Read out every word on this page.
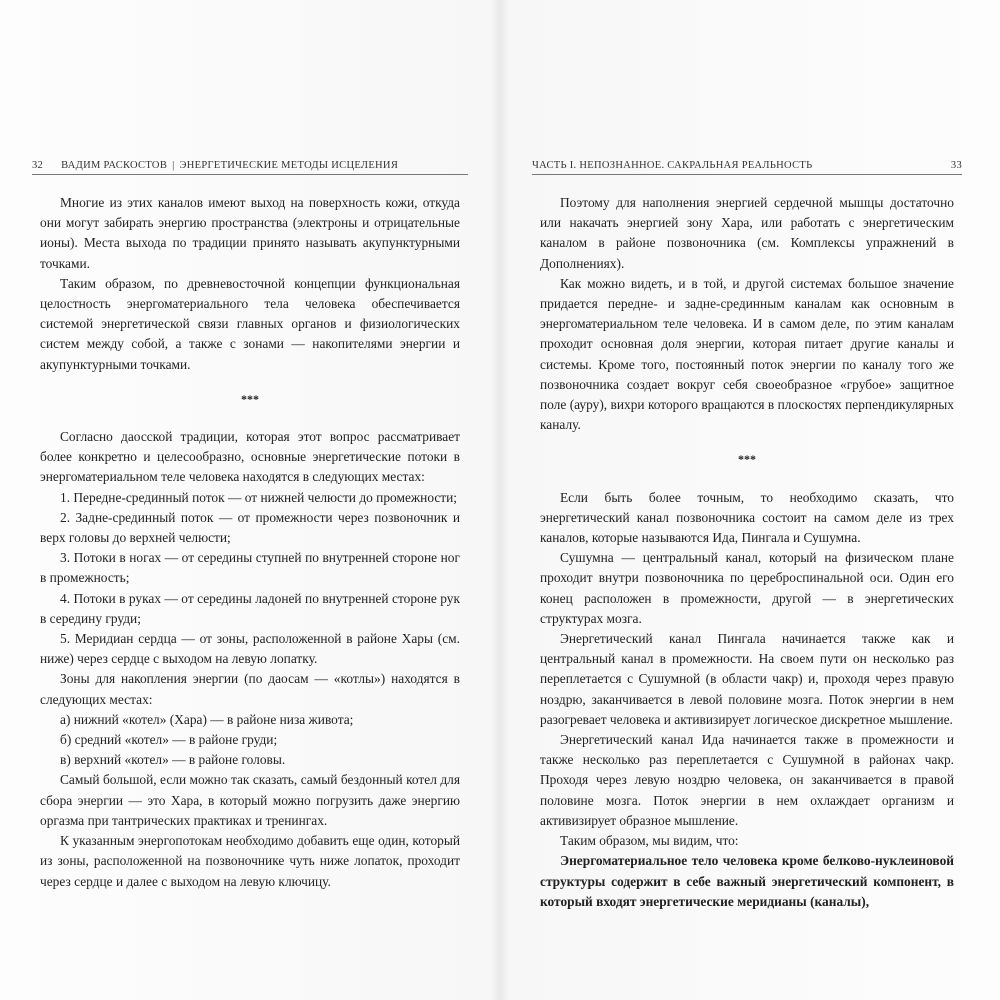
32 ВАДИМ РАСКОСТОВ | ЭНЕРГЕТИЧЕСКИЕ МЕТОДЫ ИСЦЕЛЕНИЯ

Многие из этих каналов имеют выход на поверхность кожи, откуда они могут забирать энергию пространства (электроны и отрицательные ионы). Места выхода по традиции принято называть акупунктурными точками.

Таким образом, по древневосточной концепции функциональная целостность энергоматериального тела человека обеспечивается системой энергетической связи главных органов и физиологических систем между собой, а также с зонами — накопителями энергии и акупунктурными точками.

***

Согласно даосской традиции, которая этот вопрос рассматривает более конкретно и целесообразно, основные энергетические потоки в энергоматериальном теле человека находятся в следующих местах:

1. Передне-срединный поток — от нижней челюсти до промежности;

2. Задне-срединный поток — от промежности через позвоночник и верх головы до верхней челюсти;

3. Потоки в ногах — от середины ступней по внутренней стороне ног в промежность;

4. Потоки в руках — от середины ладоней по внутренней стороне рук в середину груди;

5. Меридиан сердца — от зоны, расположенной в районе Хары (см. ниже) через сердце с выходом на левую лопатку.

Зоны для накопления энергии (по даосам — «котлы») находятся в следующих местах:

а) нижний «котел» (Хара) — в районе низа живота;

б) средний «котел» — в районе груди;

в) верхний «котел» — в районе головы.

Самый большой, если можно так сказать, самый бездонный котел для сбора энергии — это Хара, в который можно погрузить даже энергию оргазма при тантрических практиках и тренингах.

К указанным энергопотокам необходимо добавить еще один, который из зоны, расположенной на позвоночнике чуть ниже лопаток, проходит через сердце и далее с выходом на левую ключицу.

ЧАСТЬ I. НЕПОЗНАННОЕ. САКРАЛЬНАЯ РЕАЛЬНОСТЬ	33

Поэтому для наполнения энергией сердечной мышцы достаточно или накачать энергией зону Хара, или работать с энергетическим каналом в районе позвоночника (см. Комплексы упражнений в Дополнениях).

Как можно видеть, и в той, и другой системах большое значение придается передне- и задне-срединным каналам как основным в энергоматериальном теле человека. И в самом деле, по этим каналам проходит основная доля энергии, которая питает другие каналы и системы. Кроме того, постоянный поток энергии по каналу того же позвоночника создает вокруг себя своеобразное «грубое» защитное поле (ауру), вихри которого вращаются в плоскостях перпендикулярных каналу.

***

Если быть более точным, то необходимо сказать, что энергетический канал позвоночника состоит на самом деле из трех каналов, которые называются Ида, Пингала и Сушумна.

Сушумна — центральный канал, который на физическом плане проходит внутри позвоночника по цереброспинальной оси. Один его конец расположен в промежности, другой — в энергетических структурах мозга.

Энергетический канал Пингала начинается также как и центральный канал в промежности. На своем пути он несколько раз переплетается с Сушумной (в области чакр) и, проходя через правую ноздрю, заканчивается в левой половине мозга. Поток энергии в нем разогревает человека и активизирует логическое дискретное мышление.

Энергетический канал Ида начинается также в промежности и также несколько раз переплетается с Сушумной в районах чакр. Проходя через левую ноздрю человека, он заканчивается в правой половине мозга. Поток энергии в нем охлаждает организм и активизирует образное мышление.

Таким образом, мы видим, что:

Энергоматериальное тело человека кроме белково-нуклеиновой структуры содержит в себе важный энергетический компонент, в который входят энергетические меридианы (каналы),
